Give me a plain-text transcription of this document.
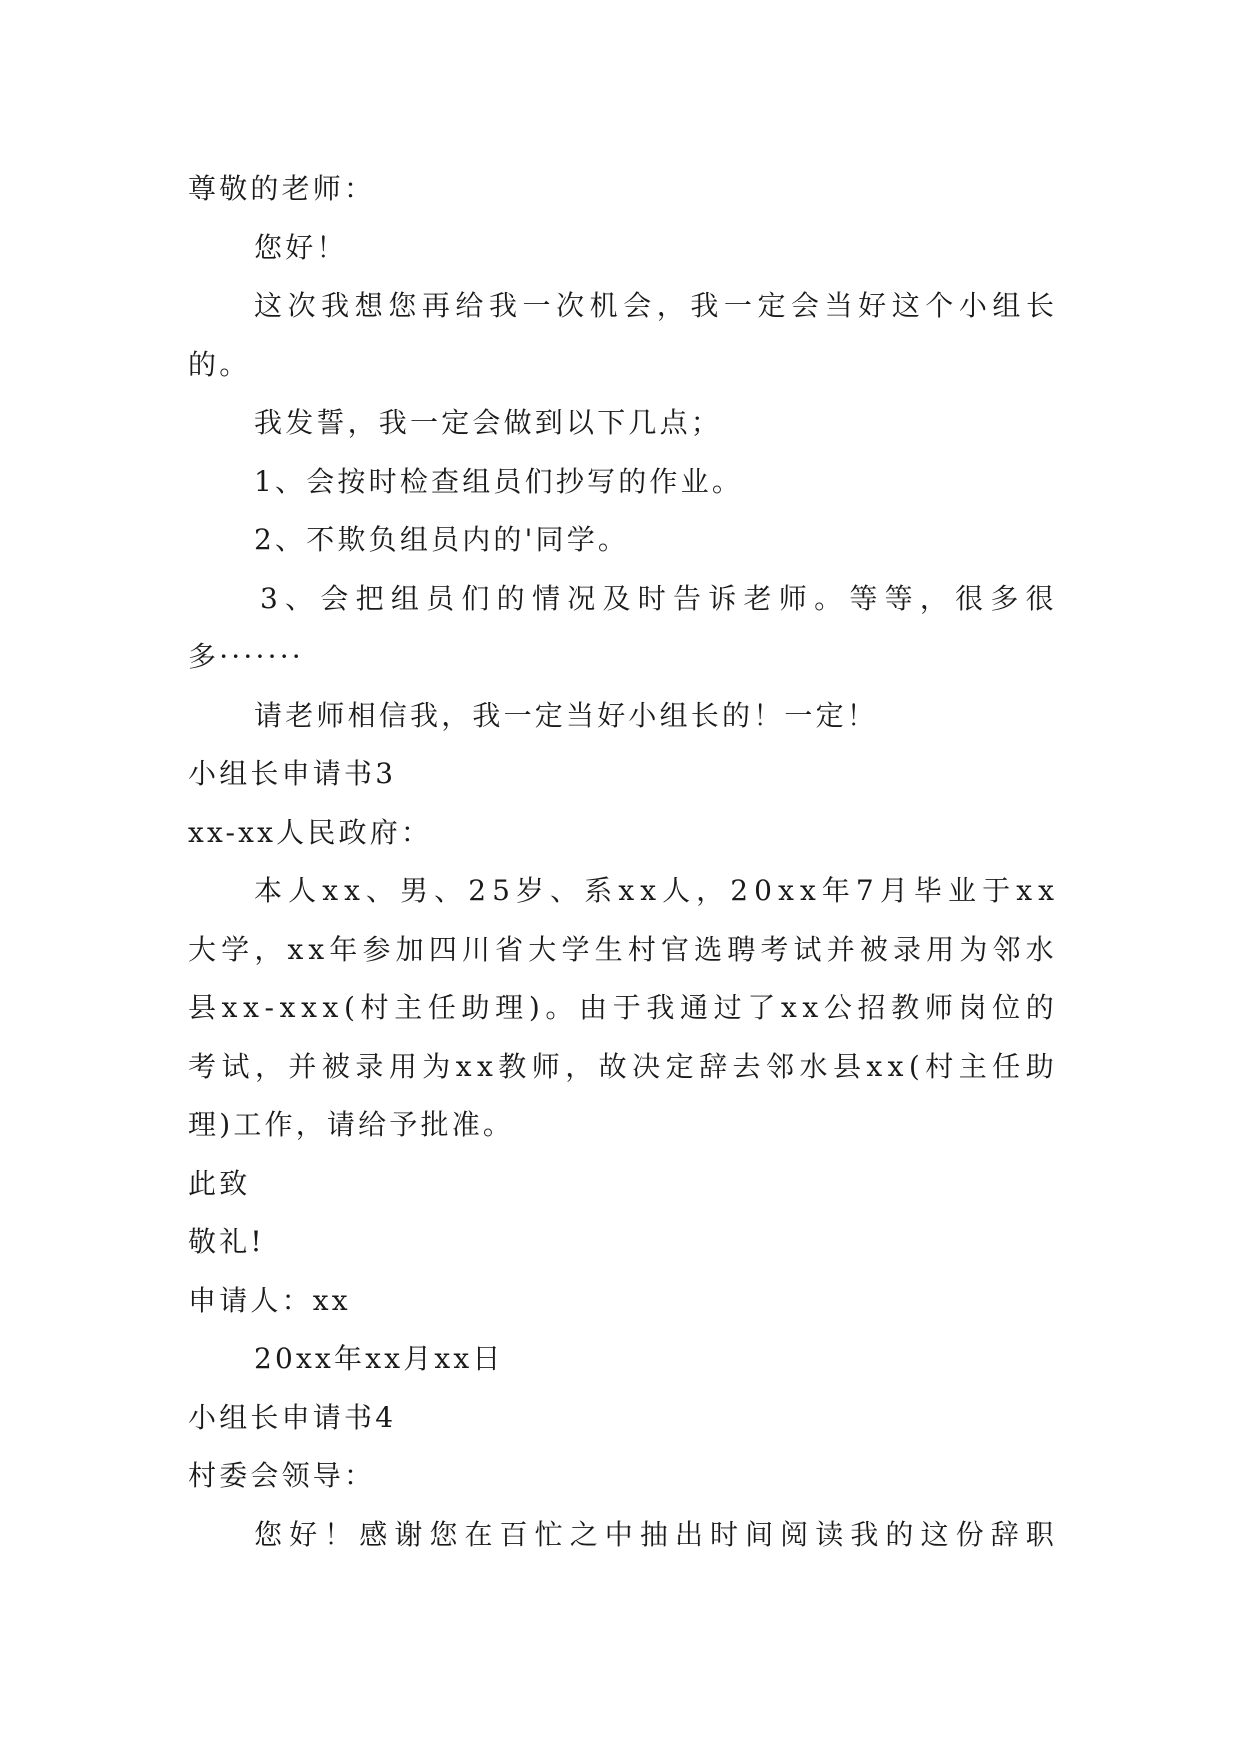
尊敬的老师：

您好！

这 次 我 想 您 再 给 我 一 次 机 会 ， 我 一 定 会 当 好 这 个 小 组 长

的。

我发誓，我一定会做到以下几点；

1、会按时检查组员们抄写的作业。

2、不欺负组员内的'同学。

3 、 会 把 组 员 们 的 情 况 及 时 告 诉 老 师 。 等 等 ， 很 多 很

多·······

请老师相信我，我一定当好小组长的！一定！

小组长申请书3

xx-xx人民政府：

本 人 x x 、 男 、 2 5 岁 、 系 x x 人 ， 2 0 x x 年 7 月 毕 业 于 x x

大 学 ， x x 年 参 加 四 川 省 大 学 生 村 官 选 聘 考 试 并 被 录 用 为 邻 水

县 x x - x x x ( 村 主 任 助 理 ) 。 由 于 我 通 过 了 x x 公 招 教 师 岗 位 的

考 试 ， 并 被 录 用 为 x x 教 师 ， 故 决 定 辞 去 邻 水 县 x x ( 村 主 任 助

理)工作，请给予批准。

此致

敬礼!

申请人：xx

20xx年xx月xx日

小组长申请书4

村委会领导：

您 好 ！ 感 谢 您 在 百 忙 之 中 抽 出 时 间 阅 读 我 的 这 份 辞 职
